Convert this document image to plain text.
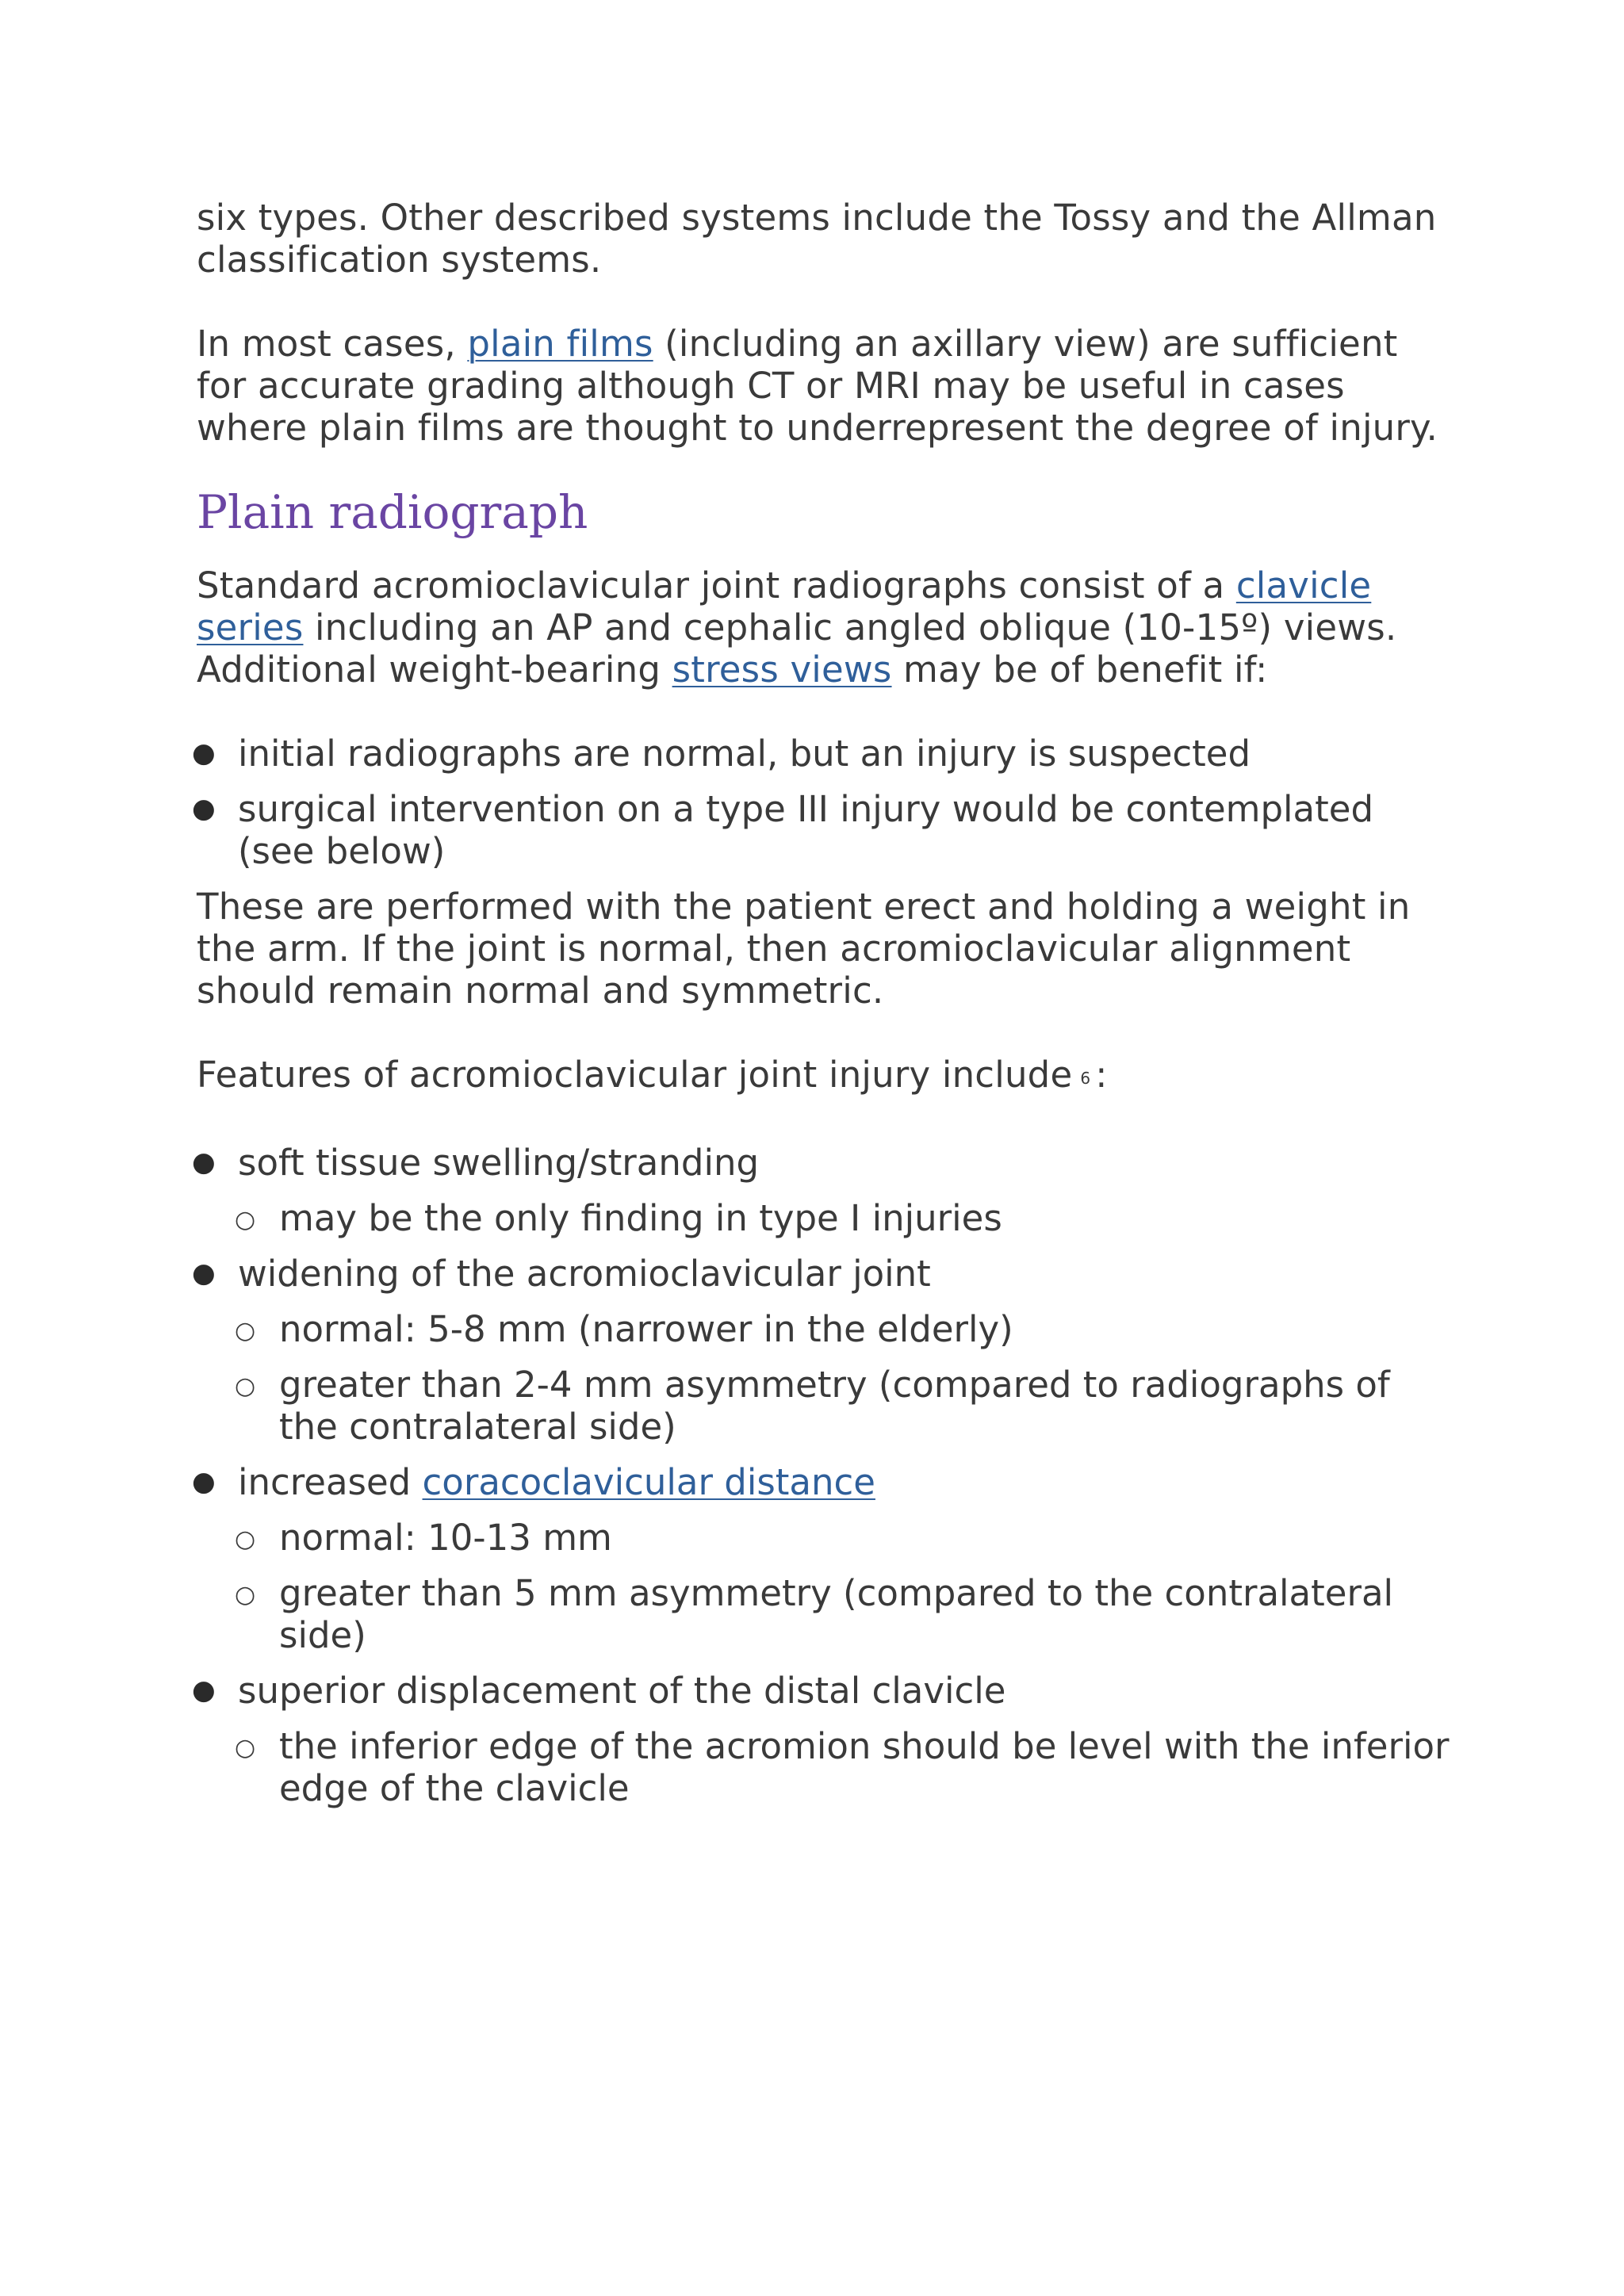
six types. Other described systems include the Tossy and the Allman classification systems.

In most cases, plain films (including an axillary view) are sufficient for accurate grading although CT or MRI may be useful in cases where plain films are thought to underrepresent the degree of injury.

Plain radiograph

Standard acromioclavicular joint radiographs consist of a clavicle series including an AP and cephalic angled oblique (10-15º) views. Additional weight-bearing stress views may be of benefit if:

● initial radiographs are normal, but an injury is suspected
● surgical intervention on a type III injury would be contemplated (see below)

These are performed with the patient erect and holding a weight in the arm. If the joint is normal, then acromioclavicular alignment should remain normal and symmetric.

Features of acromioclavicular joint injury include $^6$ :

● soft tissue swelling/stranding
○ may be the only finding in type I injuries
● widening of the acromioclavicular joint
○ normal: 5-8 mm (narrower in the elderly)
○ greater than 2-4 mm asymmetry (compared to radiographs of the contralateral side)
● increased coracoclavicular distance
○ normal: 10-13 mm
○ greater than 5 mm asymmetry (compared to the contralateral side)
● superior displacement of the distal clavicle
○ the inferior edge of the acromion should be level with the inferior edge of the clavicle
